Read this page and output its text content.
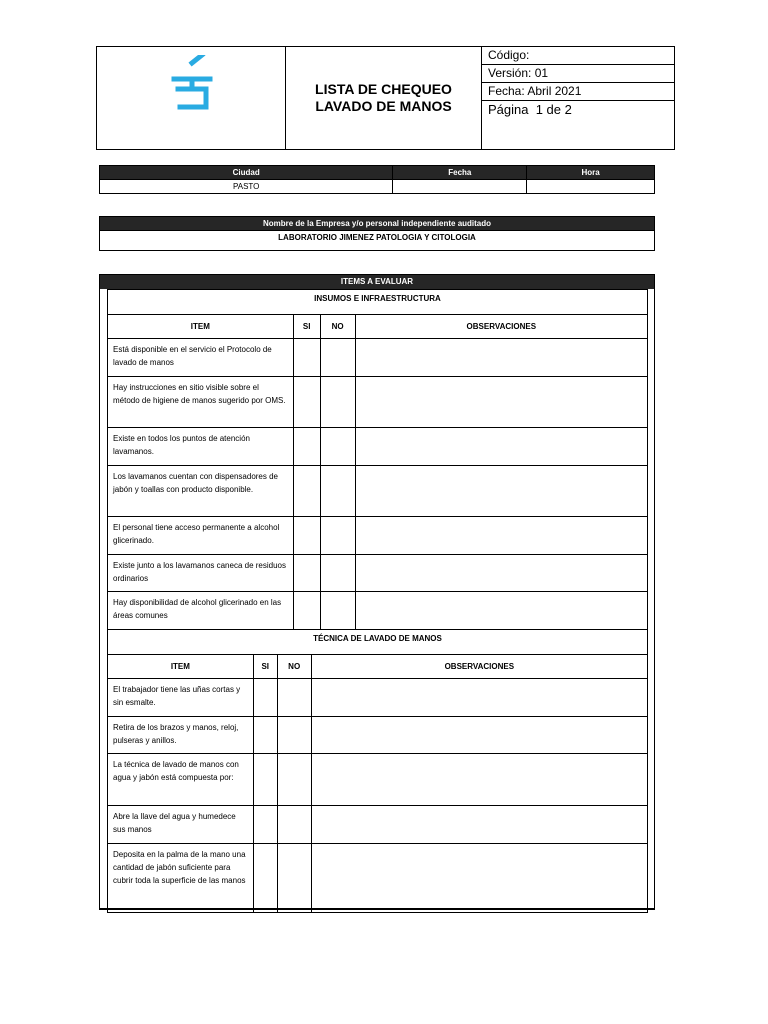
LISTA DE CHEQUEO
LAVADO DE MANOS
Código:
Versión: 01
Fecha: Abril 2021
Página  1 de 2
Ciudad	Fecha	Hora
PASTO		
Nombre de la Empresa y/o personal independiente auditado
LABORATORIO JIMENEZ PATOLOGIA Y CITOLOGIA
ITEMS A EVALUAR
INSUMOS E INFRAESTRUCTURA			
ITEM	SI	NO	OBSERVACIONES
Está disponible en el servicio el Protocolo de lavado de manos			
Hay instrucciones en sitio visible sobre el método de higiene de manos sugerido por OMS.			
Existe en todos los puntos de atención lavamanos.			
Los lavamanos cuentan con dispensadores de jabón y toallas con producto disponible.			
El personal tiene acceso permanente a alcohol glicerinado.			
Existe junto a los lavamanos caneca de residuos ordinarios			
Hay disponibilidad de alcohol glicerinado en las áreas comunes			
TÉCNICA DE LAVADO DE MANOS			
ITEM	SI	NO	OBSERVACIONES
El trabajador tiene las uñas cortas y sin esmalte.			
Retira de los brazos y manos, reloj, pulseras y anillos.			
La técnica de lavado de manos con agua y jabón está compuesta por:			
Abre la llave del agua y humedece sus manos			
Deposita en la palma de la mano una cantidad de jabón suficiente para cubrir toda la superficie de las manos			
